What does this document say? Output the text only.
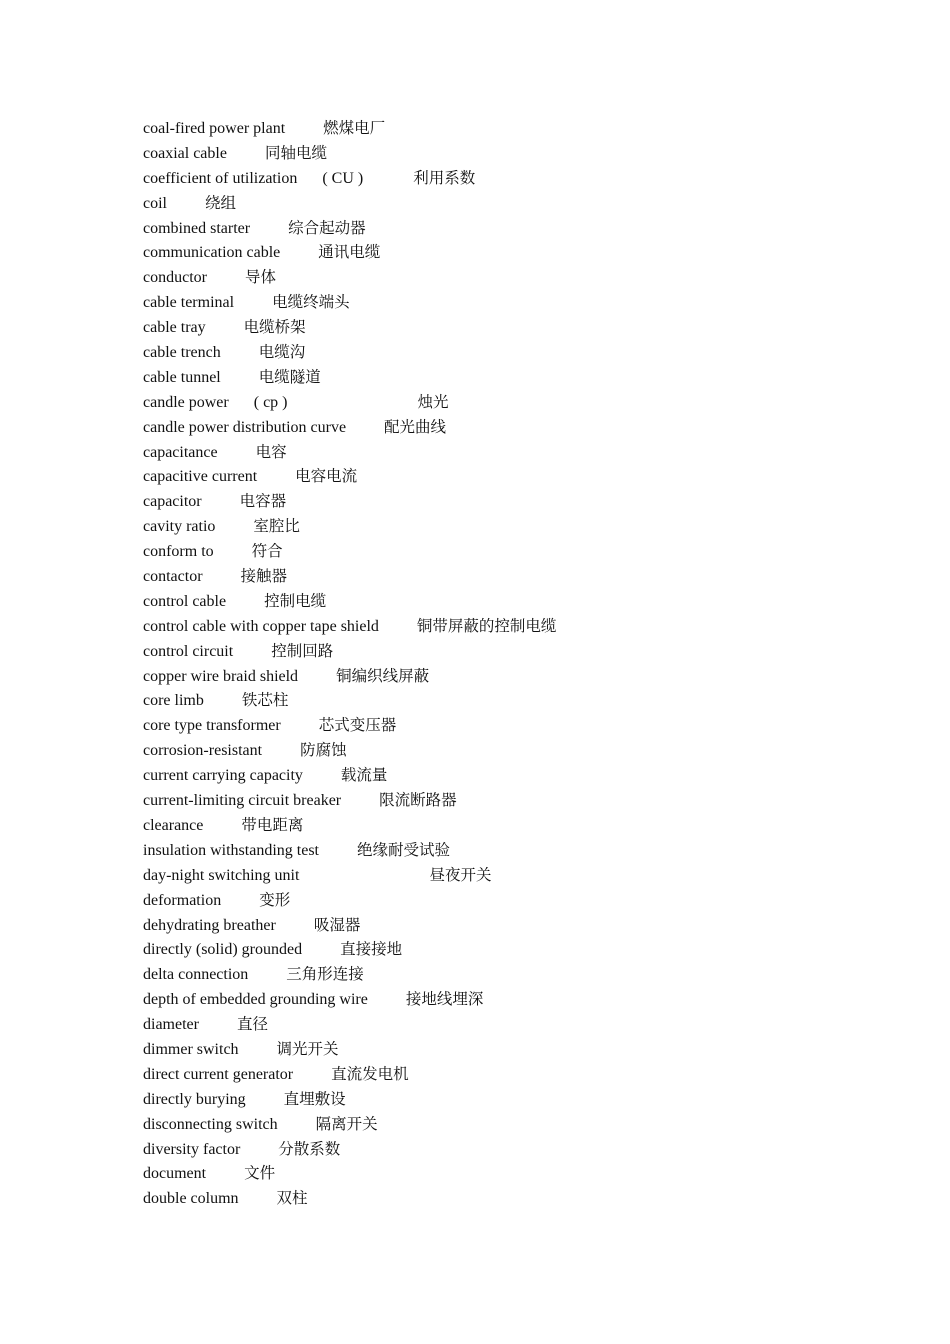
coal-fired power plant 燃煤电厂
coaxial cable 同轴电缆
coefficient of utilization ( CU )	利用系数
coil 绕组
combined starter 综合起动器
communication cable 通讯电缆
conductor 导体
cable terminal 电缆终端头
cable tray 电缆桥架
cable trench 电缆沟
cable tunnel 电缆隧道
candle power ( cp )	烛光
candle power distribution curve 配光曲线
capacitance 电容
capacitive current 电容电流
capacitor 电容器
cavity ratio 室腔比
conform to 符合
contactor 接触器
control cable 控制电缆
control cable with copper tape shield 铜带屏蔽的控制电缆
control circuit 控制回路
copper wire braid shield 铜编织线屏蔽
core limb 铁芯柱
core type transformer 芯式变压器
corrosion-resistant 防腐蚀
current carrying capacity 载流量
current-limiting circuit breaker 限流断路器
clearance 带电距离
insulation withstanding test 绝缘耐受试验
day-night switching unit	昼夜开关
deformation 变形
dehydrating breather 吸湿器
directly (solid) grounded 直接接地
delta connection 三角形连接
depth of embedded grounding wire 接地线埋深
diameter 直径
dimmer switch 调光开关
direct current generator 直流发电机
directly burying 直埋敷设
disconnecting switch 隔离开关
diversity factor 分散系数
document 文件
double column 双柱
